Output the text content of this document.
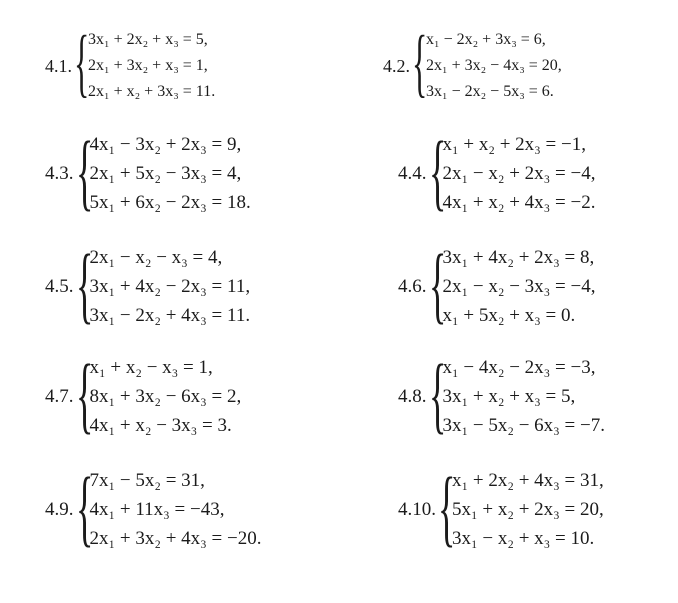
4.1. {
3x₁ + 2x₂ + x₃ = 5,
2x₁ + 3x₂ + x₃ = 1,
2x₁ + x₂ + 3x₃ = 11.
4.2. {
x₁ − 2x₂ + 3x₃ = 6,
2x₁ + 3x₂ − 4x₃ = 20,
3x₁ − 2x₂ − 5x₃ = 6.
4.3. {
4x₁ − 3x₂ + 2x₃ = 9,
2x₁ + 5x₂ − 3x₃ = 4,
5x₁ + 6x₂ − 2x₃ = 18.
4.4. {
x₁ + x₂ + 2x₃ = −1,
2x₁ − x₂ + 2x₃ = −4,
4x₁ + x₂ + 4x₃ = −2.
4.5. {
2x₁ − x₂ − x₃ = 4,
3x₁ + 4x₂ − 2x₃ = 11,
3x₁ − 2x₂ + 4x₃ = 11.
4.6. {
3x₁ + 4x₂ + 2x₃ = 8,
2x₁ − x₂ − 3x₃ = −4,
x₁ + 5x₂ + x₃ = 0.
4.7. {
x₁ + x₂ − x₃ = 1,
8x₁ + 3x₂ − 6x₃ = 2,
4x₁ + x₂ − 3x₃ = 3.
4.8. {
x₁ − 4x₂ − 2x₃ = −3,
3x₁ + x₂ + x₃ = 5,
3x₁ − 5x₂ − 6x₃ = −7.
4.9. {
7x₁ − 5x₂ = 31,
4x₁ + 11x₃ = −43,
2x₁ + 3x₂ + 4x₃ = −20.
4.10. {
x₁ + 2x₂ + 4x₃ = 31,
5x₁ + x₂ + 2x₃ = 20,
3x₁ − x₂ + x₃ = 10.
